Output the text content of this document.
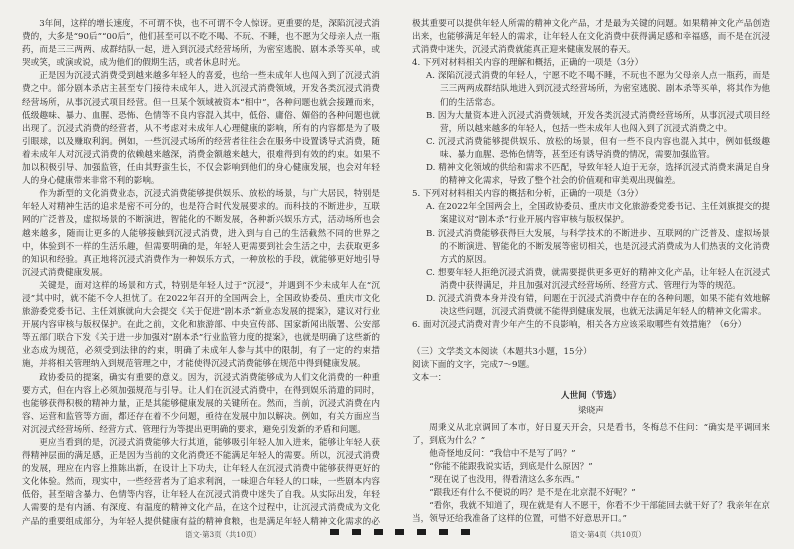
3年间，这样的增长速度，不可谓不快，也不可谓不令人惊讶。更重要的是，深陷沉浸式消费的，大多是“90后”“00后”，他们甚至可以不吃不喝、不玩、不睡，也不愿为父母亲人点一瓶药，而是三三两两、成群结队一起，进入到沉浸式经营场所，为密室逃脱、剧本杀等买单，或哭或笑，或演或说，成为他们的假期生活，或者休息时光。

正是因为沉浸式消费受到越来越多年轻人的喜爱，也给一些未成年人也闯入到了沉浸式消费之中。部分剧本杀店主甚至专门接待未成年人，进入沉浸式消费领域，开发各类沉浸式消费经营场所，从事沉浸式项目经营。但一旦某个领域被资本“相中”，各种问题也就会接踵而来，低级趣味、暴力、血腥、恐怖、色情等不良内容混入其中，低俗、庸俗、媚俗的各种问题也就出现了。沉浸式消费的经营者，从不考虑对未成年人心理健康的影响，所有的内容都是为了吸引眼球，以及赚取利润。例如，一些沉浸式场所的经营者往往会在服务中设置诱导式消费，随着未成年人对沉浸式消费的依赖越来越深，消费金额越来越大，很难得到有效的约束。如果不加以积极引导、加强监管，任由其野蛮生长，不仅会影响到他们的身心健康发展，也会对年轻人的身心健康带来非常不利的影响。

作为新型的文化消费业态，沉浸式消费能够提供娱乐、放松的场景，与广大居民，特别是年轻人对精神生活的追求是密不可分的，也是符合时代发展要求的。而科技的不断进步，互联网的广泛普及，虚拟场景的不断演进，智能化的不断发展，各种新兴娱乐方式，活动场所也会越来越多，随而让更多的人能够接触到沉浸式消费，进入到与自己的生活截然不同的世界之中，体验到不一样的生活乐趣，但需要明确的是，年轻人更需要到社会生活之中，去获取更多的知识和经验。真正地将沉浸式消费作为一种娱乐方式，一种放松的手段，就能够更好地引导沉浸式消费健康发展。

关键是，面对这样的场景和方式，特别是年轻人过于“沉浸”，并遇到不少未成年人在“沉浸”其中时，就不能不令人担忧了。在2022年召开的全国两会上，全国政协委员、重庆市文化旅游委党委书记、主任刘旗就向大会提交《关于促进“剧本杀”新业态发展的提案》，建议对行业开展内容审核与版权保护。在此之前，文化和旅游部、中央宣传部、国家新闻出版署、公安部等五部门联合下发《关于进一步加强对“剧本杀”行业监管力度的提案》，也就是明确了这些新的业态成为规范，必须受到法律的约束，明确了未成年人参与其中的限制，有了一定的约束措施，并将相关管理纳入到规范管理之中，才能使得沉浸式消费能够在规范中得到健康发展。

政协委员的提案，确实有重要的意义。因为，沉浸式消费能够成为人们文化消费的一种重要方式，但在内容上必须加强规范与引导。让人们在沉浸式消费中，在得到娱乐消遣的同时，也能够获得积极的精神力量，正是其能够健康发展的关键所在。然而，当前，沉浸式消费在内容、运营和监管等方面，都还存在着不少问题，亟待在发展中加以解决。例如，有关方面应当对沉浸式经营场所、经营方式、管理行为等提出更明确的要求，避免引发新的矛盾和问题。

更应当看到的是，沉浸式消费能够大行其道，能够吸引年轻人加入进来，能够让年轻人获得精神层面的满足感，正是因为当前的文化消费还不能满足年轻人的需要。所以，沉浸式消费的发展，理应在内容上推陈出新，在设计上下功夫，让年轻人在沉浸式消费中能够获得更好的文化体验。然而，现实中，一些经营者为了追求利润，一味迎合年轻人的口味，一些剧本内容低俗，甚至暗含暴力、色情等内容，让年轻人在沉浸式消费中迷失了自我。从实际出发，年轻人需要的是有内涵、有深度、有温度的精神文化产品，在这个过程中，让沉浸式消费成为文化产品的重要组成部分，为年轻人提供健康有益的精神食粮，也是满足年轻人精神文化需求的必

极其重要可以提供年轻人所需的精神文化产品，才是最为关键的问题。如果精神文化产品创造出来，也能够满足年轻人的需求，让年轻人在文化消费中获得满足感和幸福感，而不是在沉浸式消费中迷失，沉浸式消费就能真正迎来健康发展的春天。

4. 下列对材料相关内容的理解和概括，正确的一项是（3分）

A. 深陷沉浸式消费的年轻人，宁愿不吃不喝不睡，不玩也不愿为父母亲人点一瓶药，而是三三两两成群结队地进入到沉浸式经营场所，为密室逃脱、剧本杀等买单，将其作为他们的生活常态。

B. 因为大量资本进入沉浸式消费领域，开发各类沉浸式消费经营场所，从事沉浸式项目经营，所以越来越多的年轻人，包括一些未成年人也闯入到了沉浸式消费之中。

C. 沉浸式消费能够提供娱乐、放松的场景，但有一些不良内容也混入其中，例如低级趣味、暴力血腥、恐怖色情等，甚至还有诱导消费的情况，需要加强监管。

D. 精神文化领域的供给和需求不匹配，导致年轻人迫于无奈，选择沉浸式消费来满足自身的精神文化需求，导致了整个社会的价值观和审美观出现偏差。

5. 下列对材料相关内容的概括和分析，正确的一项是（3分）

A. 在2022年全国两会上，全国政协委员、重庆市文化旅游委党委书记、主任刘旗提交的提案建议对“剧本杀”行业开展内容审核与版权保护。

B. 沉浸式消费能够获得巨大发展，与科学技术的不断进步、互联网的广泛普及、虚拟场景的不断演进、智能化的不断发展等密切相关，也是沉浸式消费成为人们热衷的文化消费方式的原因。

C. 想要年轻人拒绝沉浸式消费，就需要提供更多更好的精神文化产品，让年轻人在沉浸式消费中获得满足，并且加强对沉浸式经营场所、经营方式、管理行为等的规范。

D. 沉浸式消费本身并没有错，问题在于沉浸式消费中存在的各种问题，如果不能有效地解决这些问题，沉浸式消费就不能得到健康发展，也就无法满足年轻人的精神文化需求。

6. 面对沉浸式消费对青少年产生的不良影响，相关各方应该采取哪些有效措施？（6分）

（三）文学类文本阅读（本题共3小题，15分）

阅读下面的文字，完成7～9题。

文本一：

人世间（节选）

梁晓声

周秉义从北京调回了本市，好日夏天开会，只是看书，冬梅总不住问：“确实是平调回来了，到底为什么？”

他奇怪地反问：“我信中不是写了吗？”

“你能不能跟我说实话，到底是什么原因？”

“现在说了也没用，得看清这么多东西。”

“跟我还有什么不便说的吗？是不是在北京混不好呢？”

“看你，我就不知道了，现在就是有人不愿干，你看不少干部能回去就干好了？我亲年在京当，领导还给我准备了这样的位置，可惜不好意思开口。”

语文·第3页（共10页）	语文·第4页（共10页）
